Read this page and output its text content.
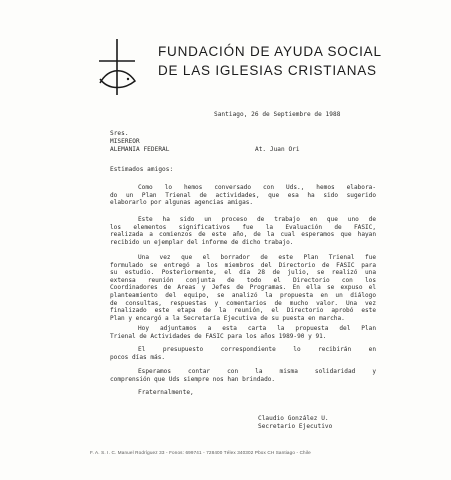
FUNDACIÓN DE AYUDA SOCIAL
DE LAS IGLESIAS CRISTIANAS
Santiago, 26 de Septiembre de 1988
Sres.
MISEREOR
ALEMANIA FEDERAL	At. Juan Ori
Estimados amigos:
Como lo hemos conversado con Uds., hemos elabora-
do un Plan Trienal de actividades, que esa ha sido sugerido
elaborarlo por algunas agencias amigas.
Este ha sido un proceso de trabajo en que uno de
los elementos significativos fue la Evaluación de FASIC,
realizada a comienzos de este año, de la cual esperamos que hayan
recibido un ejemplar del informe de dicho trabajo.
Una vez que el borrador de este Plan Trienal fue
formulado se entregó a los miembros del Directorio de FASIC para
su estudio. Posteriormente, el día 28 de julio, se realizó una
extensa reunión conjunta de todo el Directorio con los
Coordinadores de Areas y Jefes de Programas. En ella se expuso el
planteamiento del equipo, se analizó la propuesta en un diálogo
de consultas, respuestas y comentarios de mucho valor. Una vez
finalizado este etapa de la reunión, el Directorio aprobó este
Plan y encargó a la Secretaría Ejecutiva de su puesta en marcha.
Hoy adjuntamos a esta carta la propuesta del Plan
Trienal de Actividades de FASIC para los años 1989-90 y 91.
El presupuesto correspondiente lo recibirán en
pocos días más.
Esperamos contar con la misma solidaridad y
comprensión que Uds siempre nos han brindado.
Fraternalmente,
Claudio González U.
Secretario Ejecutivo
F. A. S. I. C. Manuel Rodríguez 33 - Fonos: 699741 - 728400 Télex 340302 Pbox CH Santiago - Chile
